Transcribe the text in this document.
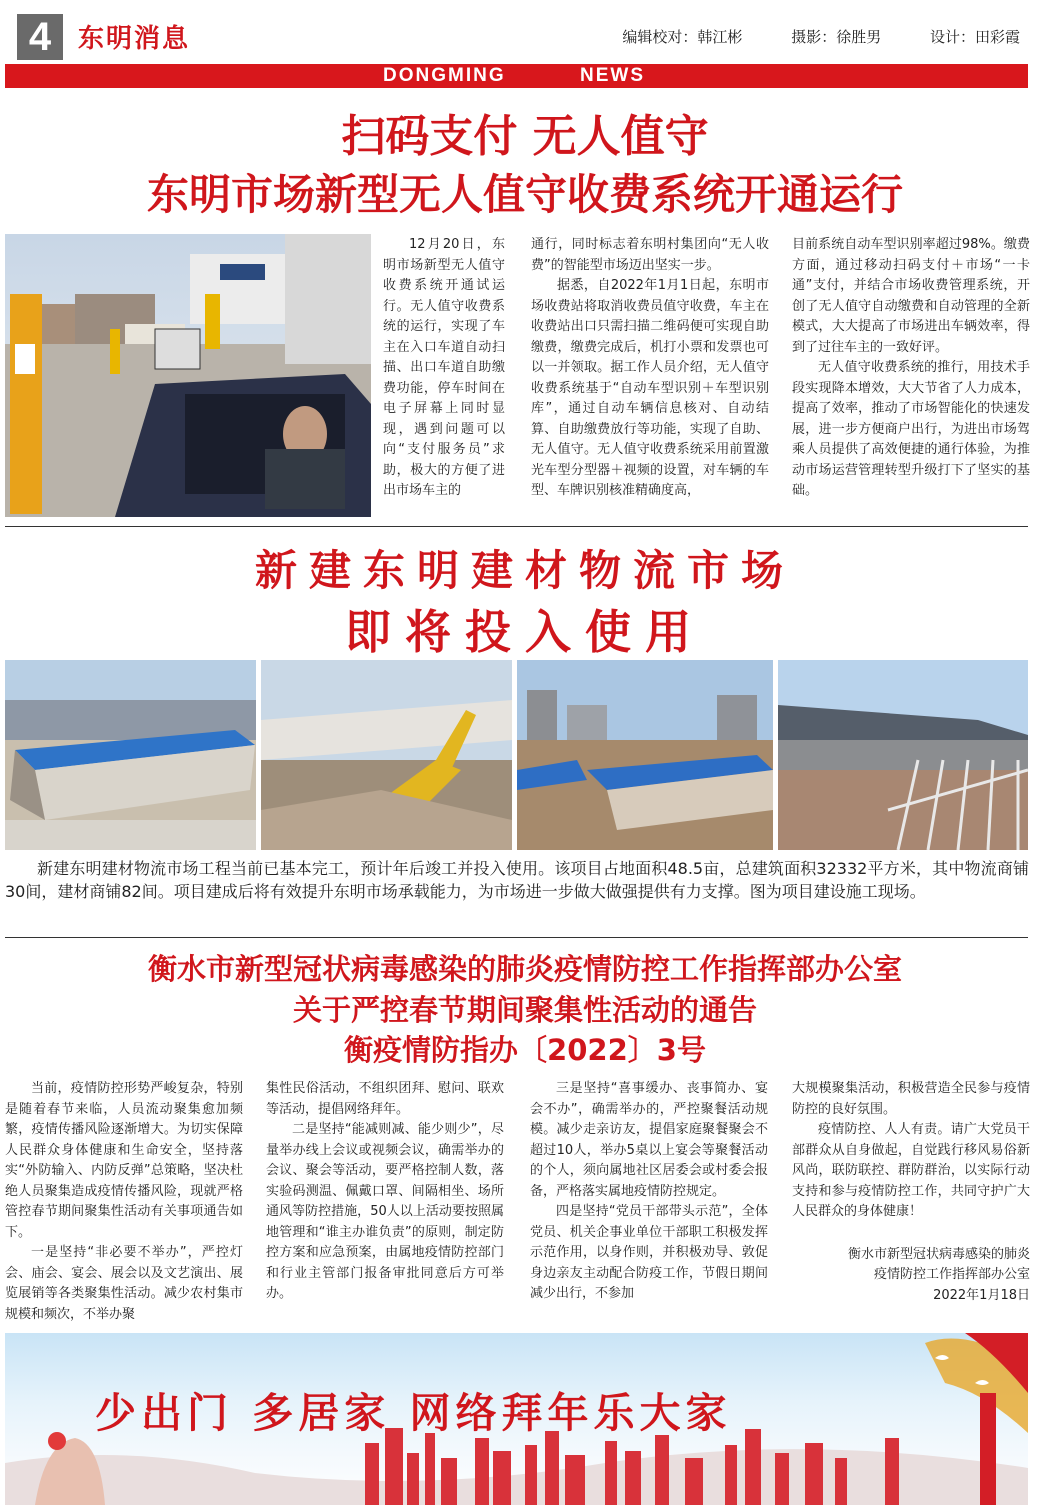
4	东明消息	编辑校对：韩江彬	摄影：徐胜男	设计：田彩霞
DONGMING	NEWS
扫码支付 无人值守
东明市场新型无人值守收费系统开通运行

12月20日，东明市场新型无人值守收费系统开通试运行。无人值守收费系统的运行，实现了车主在入口车道自动扫描、出口车道自助缴费功能，停车时间在电子屏幕上同时显现，遇到问题可以向“支付服务员”求助，极大的方便了进出市场车主的

通行，同时标志着东明村集团向“无人收费”的智能型市场迈出坚实一步。

据悉，自2022年1月1日起，东明市场收费站将取消收费员值守收费，车主在收费站出口只需扫描二维码便可实现自助缴费，缴费完成后，机打小票和发票也可以一并领取。据工作人员介绍，无人值守收费系统基于“自动车型识别＋车型识别库”，通过自动车辆信息核对、自动结算、自助缴费放行等功能，实现了自助、无人值守。无人值守收费系统采用前置激光车型分型器＋视频的设置，对车辆的车型、车牌识别核准精确度高，

目前系统自动车型识别率超过98%。缴费方面，通过移动扫码支付＋市场“一卡通”支付，并结合市场收费管理系统，开创了无人值守自动缴费和自动管理的全新模式，大大提高了市场进出车辆效率，得到了过往车主的一致好评。

无人值守收费系统的推行，用技术手段实现降本增效，大大节省了人力成本，提高了效率，推动了市场智能化的快速发展，进一步方便商户出行，为进出市场驾乘人员提供了高效便捷的通行体验，为推动市场运营管理转型升级打下了坚实的基础。

新建东明建材物流市场
即将投入使用

新建东明建材物流市场工程当前已基本完工，预计年后竣工并投入使用。该项目占地面积48.5亩，总建筑面积32332平方米，其中物流商铺30间，建材商铺82间。项目建成后将有效提升东明市场承载能力，为市场进一步做大做强提供有力支撑。图为项目建设施工现场。

衡水市新型冠状病毒感染的肺炎疫情防控工作指挥部办公室
关于严控春节期间聚集性活动的通告
衡疫情防指办〔2022〕3号

当前，疫情防控形势严峻复杂，特别是随着春节来临，人员流动聚集愈加频繁，疫情传播风险逐渐增大。为切实保障人民群众身体健康和生命安全，坚持落实“外防输入、内防反弹”总策略，坚决杜绝人员聚集造成疫情传播风险，现就严格管控春节期间聚集性活动有关事项通告如下。

一是坚持“非必要不举办”，严控灯会、庙会、宴会、展会以及文艺演出、展览展销等各类聚集性活动。减少农村集市规模和频次，不举办聚

集性民俗活动，不组织团拜、慰问、联欢等活动，提倡网络拜年。

二是坚持“能减则减、能少则少”，尽量举办线上会议或视频会议，确需举办的会议、聚会等活动，要严格控制人数，落实验码测温、佩戴口罩、间隔相坐、场所通风等防控措施，50人以上活动要按照属地管理和“谁主办谁负责”的原则，制定防控方案和应急预案，由属地疫情防控部门和行业主管部门报备审批同意后方可举办。

三是坚持“喜事缓办、丧事简办、宴会不办”，确需举办的，严控聚餐活动规模。减少走亲访友，提倡家庭聚餐聚会不超过10人，举办5桌以上宴会等聚餐活动的个人，须向属地社区居委会或村委会报备，严格落实属地疫情防控规定。

四是坚持“党员干部带头示范”，全体党员、机关企事业单位干部职工积极发挥示范作用，以身作则，并积极劝导、敦促身边亲友主动配合防疫工作，节假日期间减少出行，不参加

大规模聚集活动，积极营造全民参与疫情防控的良好氛围。

疫情防控、人人有责。请广大党员干部群众从自身做起，自觉践行移风易俗新风尚，联防联控、群防群治，以实际行动支持和参与疫情防控工作，共同守护广大人民群众的身体健康！

衡水市新型冠状病毒感染的肺炎
疫情防控工作指挥部办公室
2022年1月18日
少出门 多居家 网络拜年乐大家
